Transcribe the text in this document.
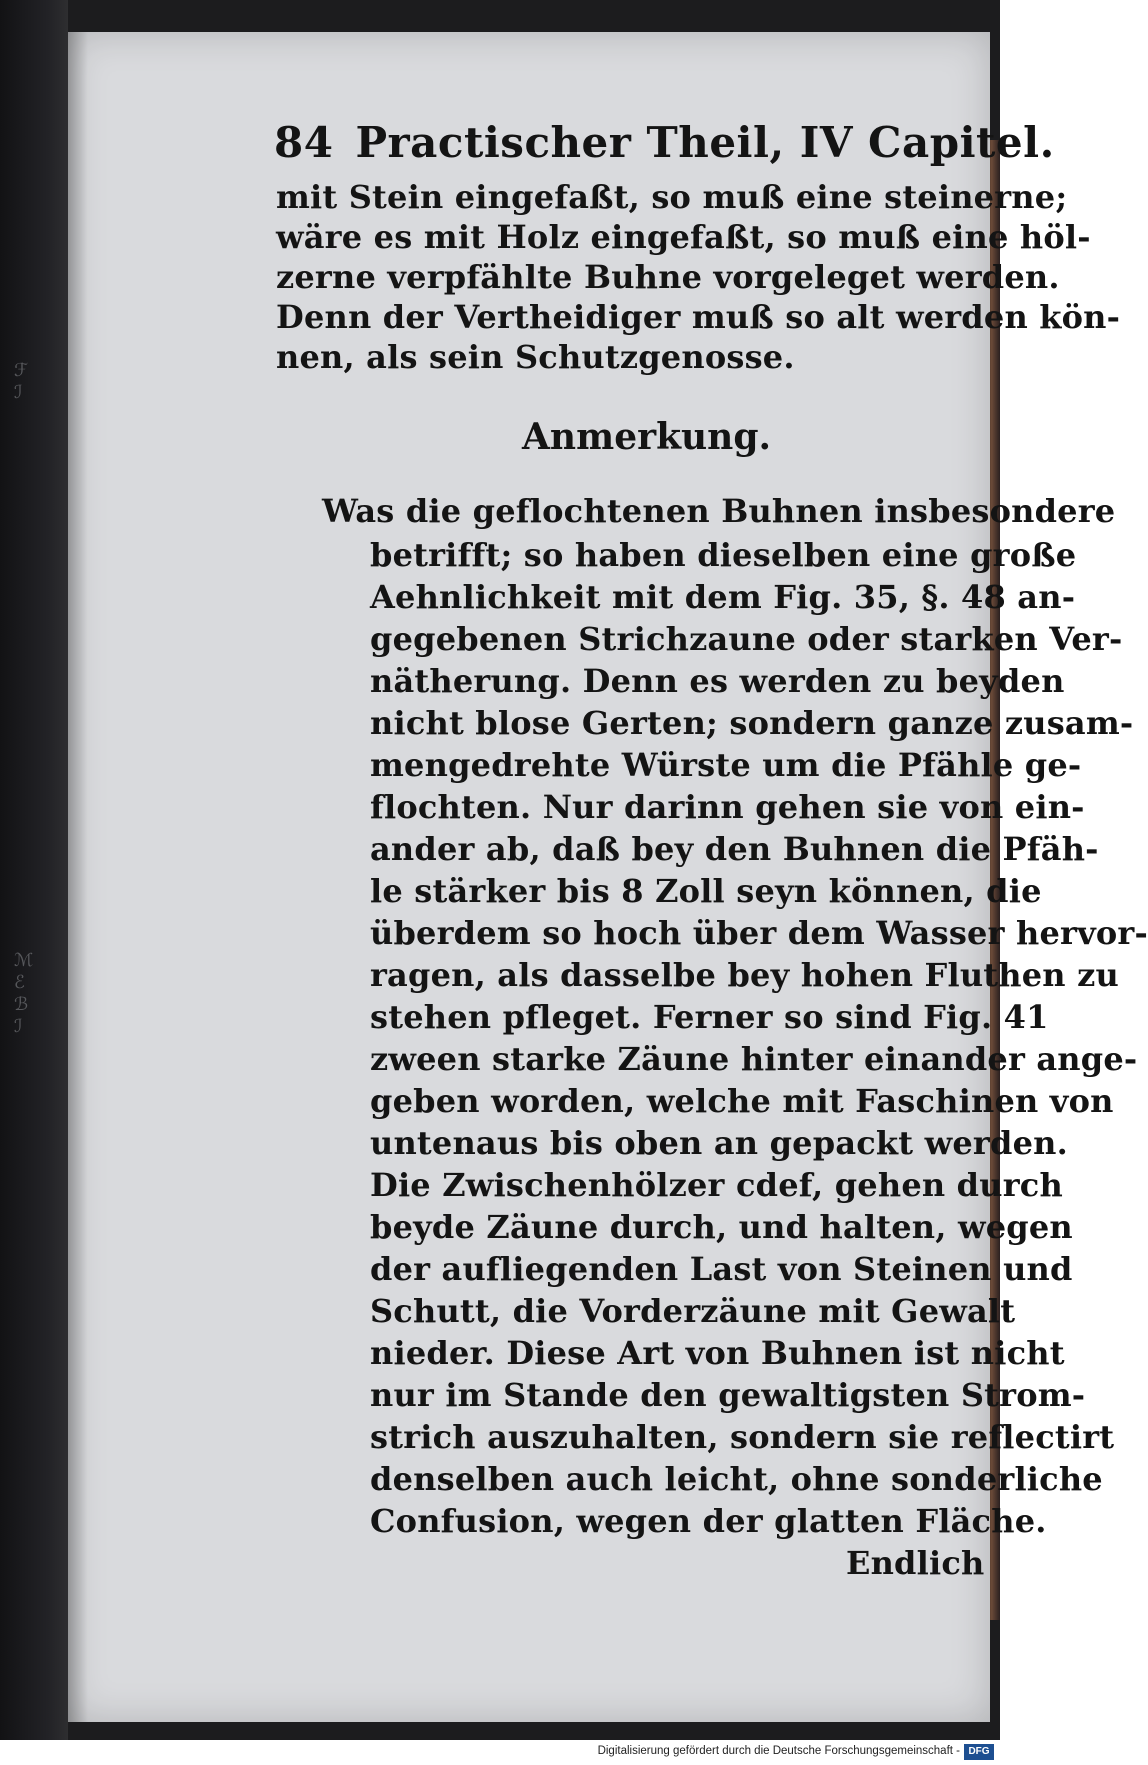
ℱ
ℐ
ℳ
ℰ
ℬ
ℐ
84 Practischer Theil, IV Capitel.
mit Stein eingefaßt, so muß eine steinerne;
wäre es mit Holz eingefaßt, so muß eine höl-
zerne verpfählte Buhne vorgeleget werden.
Denn der Vertheidiger muß so alt werden kön-
nen, als sein Schutzgenosse.
Anmerkung.
Was die geflochtenen Buhnen insbesondere
betrifft; so haben dieselben eine große
Aehnlichkeit mit dem Fig. 35, §. 48 an-
gegebenen Strichzaune oder starken Ver-
nätherung. Denn es werden zu beyden
nicht blose Gerten; sondern ganze zusam-
mengedrehte Würste um die Pfähle ge-
flochten. Nur darinn gehen sie von ein-
ander ab, daß bey den Buhnen die Pfäh-
le stärker bis 8 Zoll seyn können, die
überdem so hoch über dem Wasser hervor-
ragen, als dasselbe bey hohen Fluthen zu
stehen pfleget. Ferner so sind Fig. 41
zween starke Zäune hinter einander ange-
geben worden, welche mit Faschinen von
untenaus bis oben an gepackt werden.
Die Zwischenhölzer cdef, gehen durch
beyde Zäune durch, und halten, wegen
der aufliegenden Last von Steinen und
Schutt, die Vorderzäune mit Gewalt
nieder. Diese Art von Buhnen ist nicht
nur im Stande den gewaltigsten Strom-
strich auszuhalten, sondern sie reflectirt
denselben auch leicht, ohne sonderliche
Confusion, wegen der glatten Fläche.
Endlich
Digitalisierung gefördert durch die Deutsche Forschungsgemeinschaft - DFG
